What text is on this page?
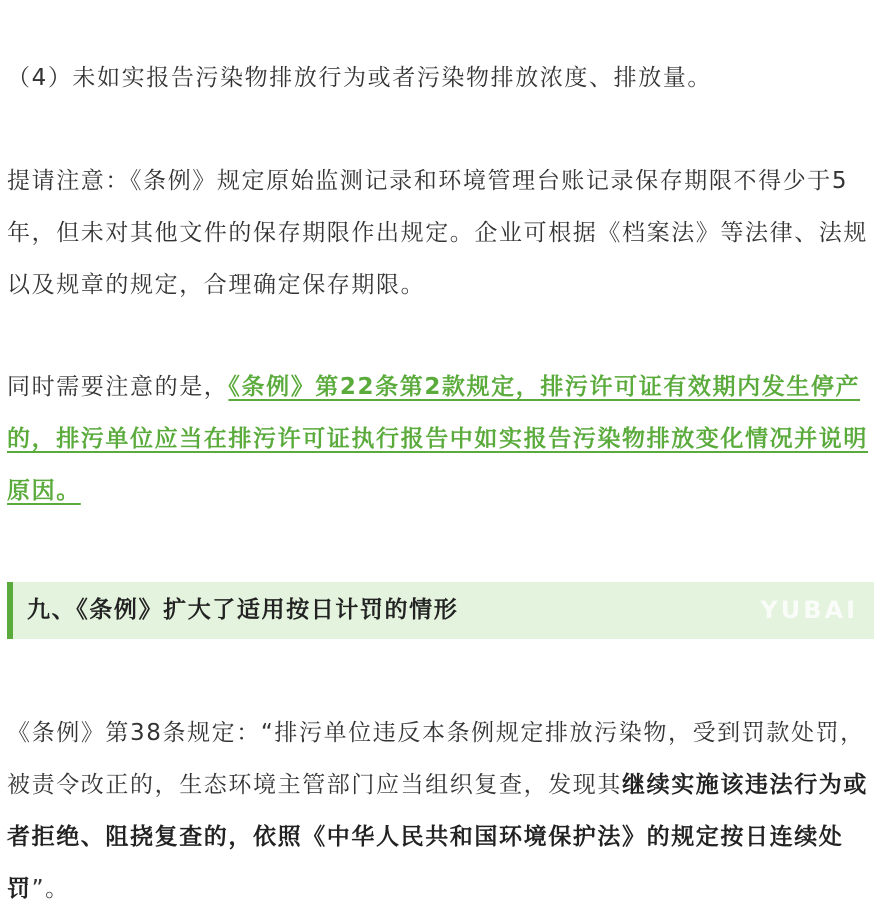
（4）未如实报告污染物排放行为或者污染物排放浓度、排放量。
提请注意：《条例》规定原始监测记录和环境管理台账记录保存期限不得少于5年，但未对其他文件的保存期限作出规定。企业可根据《档案法》等法律、法规以及规章的规定，合理确定保存期限。
同时需要注意的是，《条例》第22条第2款规定，排污许可证有效期内发生停产的，排污单位应当在排污许可证执行报告中如实报告污染物排放变化情况并说明原因。
九、《条例》扩大了适用按日计罚的情形	YUBAI
《条例》第38条规定：“排污单位违反本条例规定排放污染物，受到罚款处罚，被责令改正的，生态环境主管部门应当组织复查，发现其继续实施该违法行为或者拒绝、阻挠复查的，依照《中华人民共和国环境保护法》的规定按日连续处罚”。
